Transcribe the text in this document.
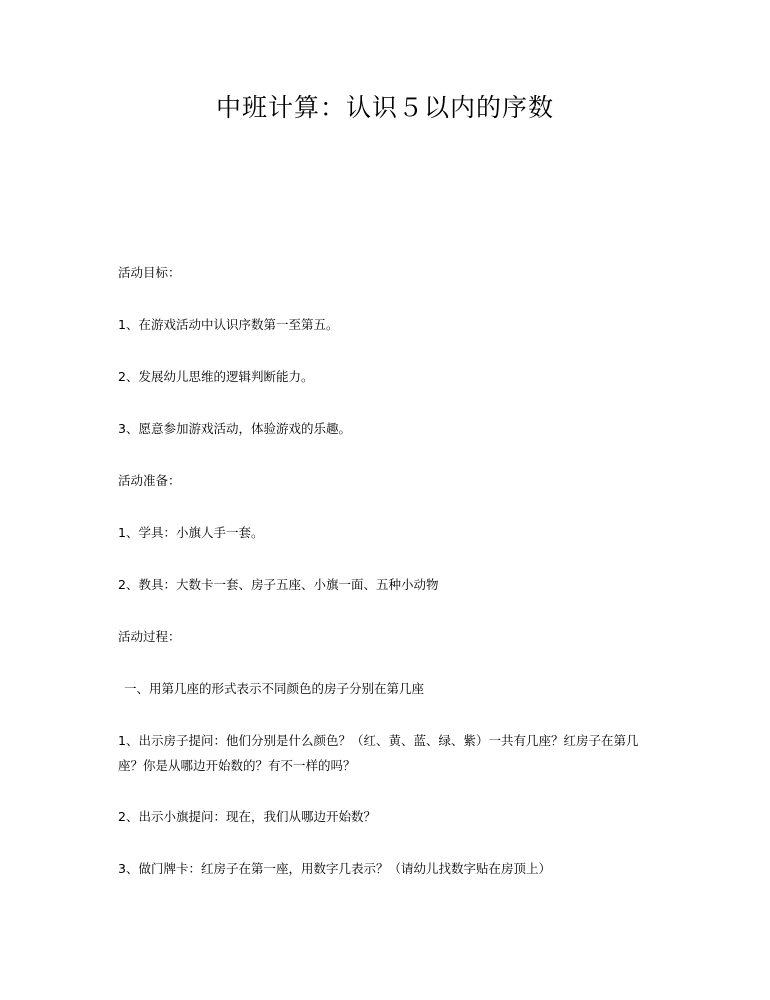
中班计算：认识５以内的序数

活动目标：

1、在游戏活动中认识序数第一至第五。

2、发展幼儿思维的逻辑判断能力。

3、愿意参加游戏活动，体验游戏的乐趣。

活动准备：

1、学具：小旗人手一套。

2、教具：大数卡一套、房子五座、小旗一面、五种小动物

活动过程：

一、用第几座的形式表示不同颜色的房子分别在第几座

1、出示房子提问：他们分别是什么颜色？（红、黄、蓝、绿、紫）一共有几座？红房子在第几座？你是从哪边开始数的？有不一样的吗？

2、出示小旗提问：现在，我们从哪边开始数？

3、做门牌卡：红房子在第一座，用数字几表示？（请幼儿找数字贴在房顶上）
